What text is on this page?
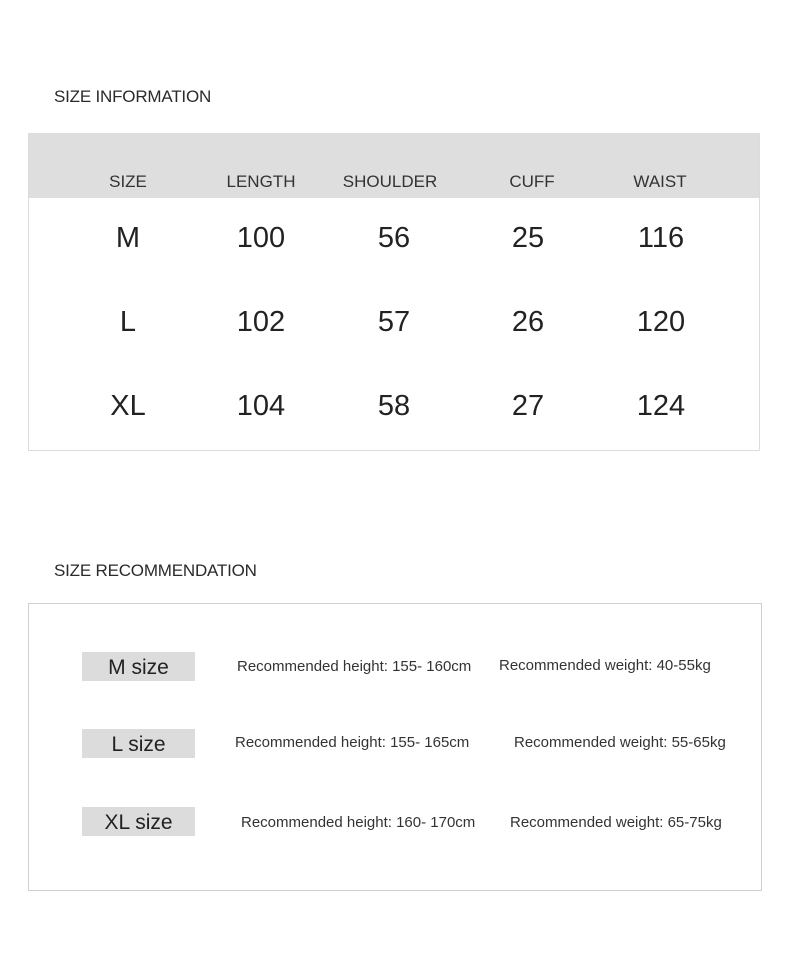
SIZE INFORMATION
SIZE	LENGTH	SHOULDER	CUFF	WAIST
M	100	56	25	116
L	102	57	26	120
XL	104	58	27	124
SIZE RECOMMENDATION
M size	Recommended height: 155- 160cm Recommended weight: 40-55kg
L size	Recommended height: 155- 165cm	Recommended weight: 55-65kg
XL size	Recommended height: 160- 170cm Recommended weight: 65-75kg
